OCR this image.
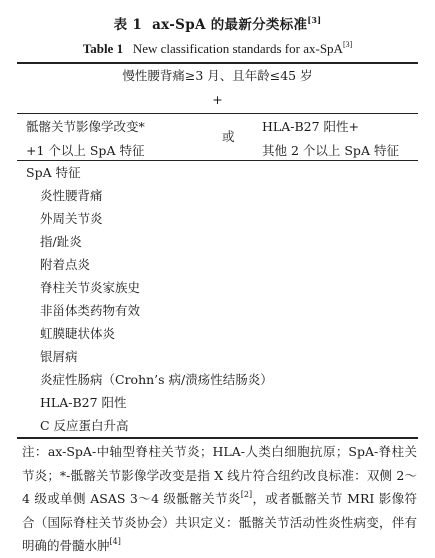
表 1 ax-SpA 的最新分类标准[3]
Table 1 New classification standards for ax-SpA[3]
慢性腰背痛≥3 月、且年龄≤45 岁
+
骶髂关节影像学改变*
+1 个以上 SpA 特征
或
HLA-B27 阳性+
其他 2 个以上 SpA 特征
SpA 特征
炎性腰背痛
外周关节炎
指/趾炎
附着点炎
脊柱关节炎家族史
非甾体类药物有效
虹膜睫状体炎
银屑病
炎症性肠病（Crohn’s 病/溃疡性结肠炎）
HLA-B27 阳性
C 反应蛋白升高
注：ax-SpA-中轴型脊柱关节炎；HLA-人类白细胞抗原；SpA-脊柱关节炎；*-骶髂关节影像学改变是指 X 线片符合纽约改良标准：双侧 2～4 级或单侧 ASAS 3～4 级骶髂关节炎[2]，或者骶髂关节 MRI 影像符合（国际脊柱关节炎协会）共识定义：骶髂关节活动性炎性病变，伴有明确的骨髓水肿[4]
